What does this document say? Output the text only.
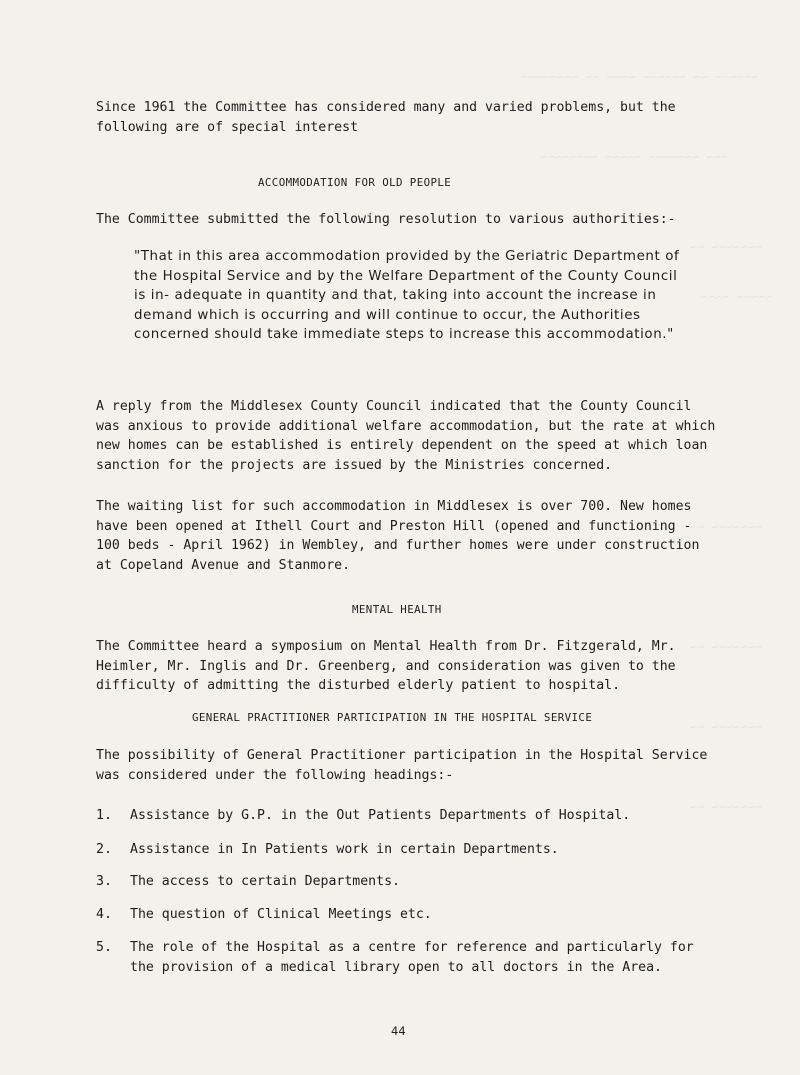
~~~~~~ ~~ ~~~~~~ ~~~~ ~~ ~~~~~~~~
~~~ ~~~~~~~ ~~~~~ ~~~~~~~~
~~~~~~~ ~~
~~~~~ ~~~~
~~~~~~~ ~~
~~~~~~~ ~~
~~~~~~~ ~~
~~~~~~~ ~~
Since 1961 the Committee has considered many and varied problems, but the following are of special interest
ACCOMMODATION FOR OLD PEOPLE
The Committee submitted the following resolution to various authorities:-
"That in this area accommodation provided by the Geriatric Department of the Hospital Service and by the Welfare Department of the County Council is in- adequate in quantity and that, taking into account the increase in demand which is occurring and will continue to occur, the Authorities concerned should take immediate steps to increase this accommodation."
A reply from the Middlesex County Council indicated that the County Council was anxious to provide additional welfare accommodation, but the rate at which new homes can be established is entirely dependent on the speed at which loan sanction for the projects are issued by the Ministries concerned.
The waiting list for such accommodation in Middlesex is over 700. New homes have been opened at Ithell Court and Preston Hill (opened and functioning - 100 beds - April 1962) in Wembley, and further homes were under construction at Copeland Avenue and Stanmore.
MENTAL HEALTH
The Committee heard a symposium on Mental Health from Dr. Fitzgerald, Mr. Heimler, Mr. Inglis and Dr. Greenberg, and consideration was given to the difficulty of admitting the disturbed elderly patient to hospital.
GENERAL PRACTITIONER PARTICIPATION IN THE HOSPITAL SERVICE
The possibility of General Practitioner participation in the Hospital Service was considered under the following headings:-
1.	Assistance by G.P. in the Out Patients Departments of Hospital.
2.	Assistance in In Patients work in certain Departments.
3.	The access to certain Departments.
4.	The question of Clinical Meetings etc.
5.	The role of the Hospital as a centre for reference and particularly for the provision of a medical library open to all doctors in the Area.
44
